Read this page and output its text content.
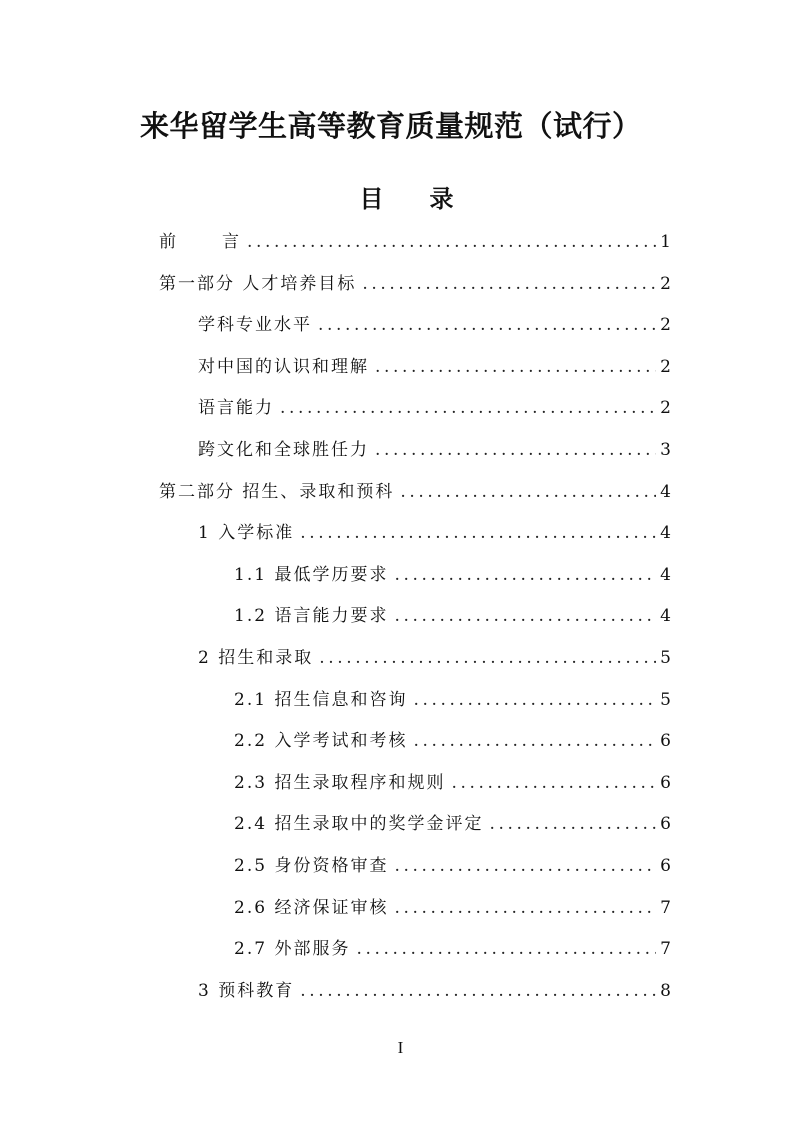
来华留学生高等教育质量规范（试行）
目 录
前	言 .....	1
第一部分 人才培养目标 .....	2
学科专业水平 .....	2
对中国的认识和理解 .....	2
语言能力 .....	2
跨文化和全球胜任力 .....	3
第二部分 招生、录取和预科 .....	4
1 入学标准 .....	4
1.1 最低学历要求 .....	4
1.2 语言能力要求 .....	4
2 招生和录取 .....	5
2.1 招生信息和咨询 .....	5
2.2 入学考试和考核 .....	6
2.3 招生录取程序和规则 .....	6
2.4 招生录取中的奖学金评定 .....	6
2.5 身份资格审查 .....	6
2.6 经济保证审核 .....	7
2.7 外部服务 .....	7
3 预科教育 .....	8
I
